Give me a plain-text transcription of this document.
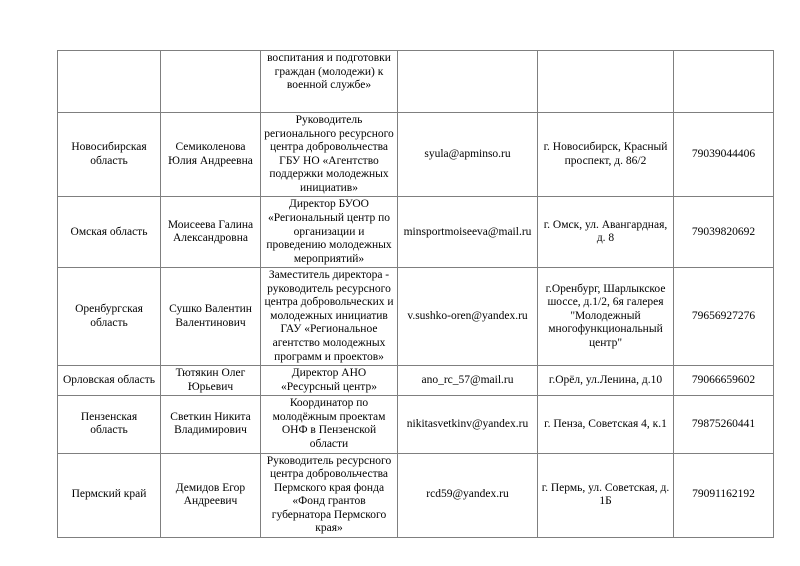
		воспитания и подготовки граждан (молодежи) к военной службе»			
Новосибирская область	Семиколенова Юлия Андреевна	Руководитель регионального ресурсного центра добровольчества ГБУ НО «Агентство поддержки молодежных инициатив»	syula@apminso.ru	г. Новосибирск, Красный проспект, д. 86/2	79039044406
Омская область	Моисеева Галина Александровна	Директор БУОО «Региональный центр по организации и проведению молодежных мероприятий»	minsportmoiseeva@mail.ru	г. Омск, ул. Авангардная, д. 8	79039820692
Оренбургская область	Сушко Валентин Валентинович	Заместитель директора - руководитель ресурсного центра добровольческих и молодежных инициатив ГАУ «Региональное агентство молодежных программ и проектов»	v.sushko-oren@yandex.ru	г.Оренбург, Шарлыкское шоссе, д.1/2, 6я галерея "Молодежный многофункциональный центр"	79656927276
Орловская область	Тютякин Олег Юрьевич	Директор АНО «Ресурсный центр»	ano_rc_57@mail.ru	г.Орёл, ул.Ленина, д.10	79066659602
Пензенская область	Светкин Никита Владимирович	Координатор по молодёжным проектам ОНФ в Пензенской области	nikitasvetkinv@yandex.ru	г. Пенза, Советская 4, к.1	79875260441
Пермский край	Демидов Егор Андреевич	Руководитель ресурсного центра добровольчества Пермского края фонда «Фонд грантов губернатора Пермского края»	rcd59@yandex.ru	г. Пермь, ул. Советская, д. 1Б	79091162192
